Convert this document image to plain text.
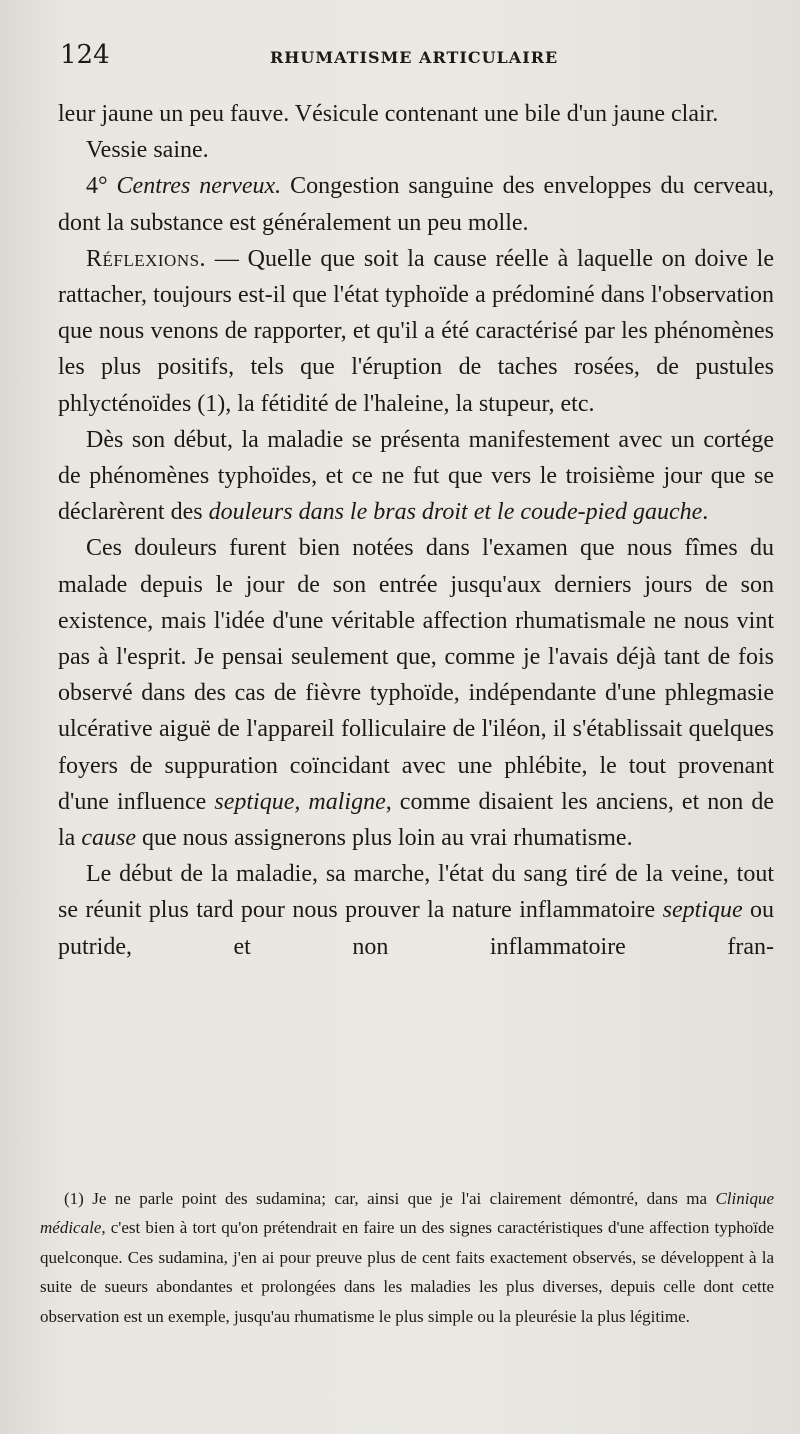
124	RHUMATISME ARTICULAIRE

leur jaune un peu fauve. Vésicule contenant une bile d'un jaune clair.

Vessie saine.

4° Centres nerveux. Congestion sanguine des enveloppes du cerveau, dont la substance est généralement un peu molle.

Réflexions. — Quelle que soit la cause réelle à laquelle on doive le rattacher, toujours est-il que l'état typhoïde a prédominé dans l'observation que nous venons de rapporter, et qu'il a été caractérisé par les phénomènes les plus positifs, tels que l'éruption de taches rosées, de pustules phlycténoïdes (1), la fétidité de l'haleine, la stupeur, etc.

Dès son début, la maladie se présenta manifestement avec un cortége de phénomènes typhoïdes, et ce ne fut que vers le troisième jour que se déclarèrent des douleurs dans le bras droit et le coude-pied gauche.

Ces douleurs furent bien notées dans l'examen que nous fîmes du malade depuis le jour de son entrée jusqu'aux derniers jours de son existence, mais l'idée d'une véritable affection rhumatismale ne nous vint pas à l'esprit. Je pensai seulement que, comme je l'avais déjà tant de fois observé dans des cas de fièvre typhoïde, indépendante d'une phlegmasie ulcérative aiguë de l'appareil folliculaire de l'iléon, il s'établissait quelques foyers de suppuration coïncidant avec une phlébite, le tout provenant d'une influence septique, maligne, comme disaient les anciens, et non de la cause que nous assignerons plus loin au vrai rhumatisme.

Le début de la maladie, sa marche, l'état du sang tiré de la veine, tout se réunit plus tard pour nous prouver la nature inflammatoire septique ou putride, et non inflammatoire fran-

(1) Je ne parle point des sudamina; car, ainsi que je l'ai clairement démontré, dans ma Clinique médicale, c'est bien à tort qu'on prétendrait en faire un des signes caractéristiques d'une affection typhoïde quelconque. Ces sudamina, j'en ai pour preuve plus de cent faits exactement observés, se développent à la suite de sueurs abondantes et prolongées dans les maladies les plus diverses, depuis celle dont cette observation est un exemple, jusqu'au rhumatisme le plus simple ou la pleurésie la plus légitime.
